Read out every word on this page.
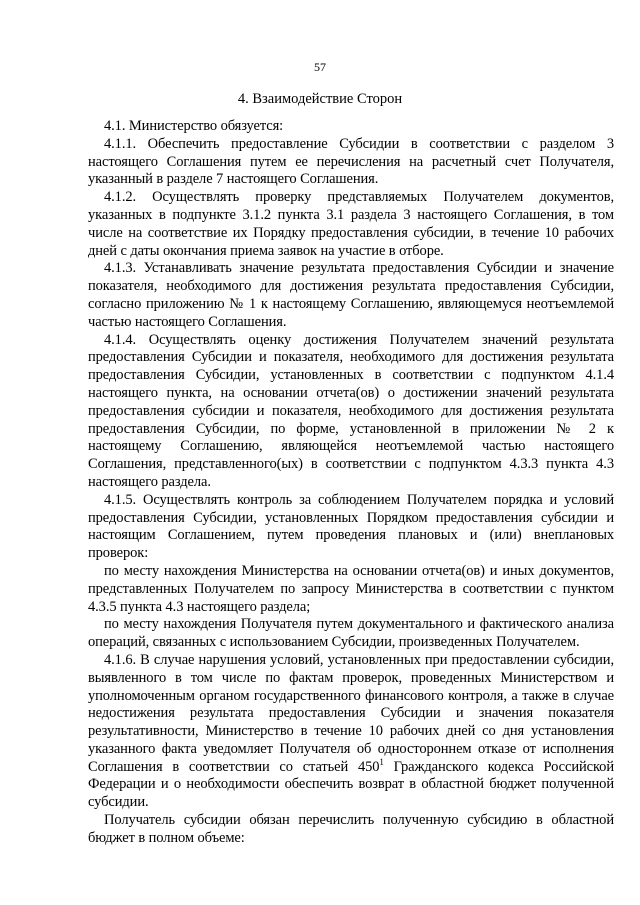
57
4. Взаимодействие Сторон

4.1. Министерство обязуется:

4.1.1. Обеспечить предоставление Субсидии в соответствии с разделом 3 настоящего Соглашения путем ее перечисления на расчетный счет Получателя, указанный в разделе 7 настоящего Соглашения.

4.1.2. Осуществлять проверку представляемых Получателем документов, указанных в подпункте 3.1.2 пункта 3.1 раздела 3 настоящего Соглашения, в том числе на соответствие их Порядку предоставления субсидии, в течение 10 рабочих дней с даты окончания приема заявок на участие в отборе.

4.1.3. Устанавливать значение результата предоставления Субсидии и значение показателя, необходимого для достижения результата предоставления Субсидии, согласно приложению № 1 к настоящему Соглашению, являющемуся неотъемлемой частью настоящего Соглашения.

4.1.4. Осуществлять оценку достижения Получателем значений результата предоставления Субсидии и показателя, необходимого для достижения результата предоставления Субсидии, установленных в соответствии с подпунктом 4.1.4 настоящего пункта, на основании отчета(ов) о достижении значений результата предоставления субсидии и показателя, необходимого для достижения результата предоставления Субсидии, по форме, установленной в приложении № 2 к настоящему Соглашению, являющейся неотъемлемой частью настоящего Соглашения, представленного(ых) в соответствии с подпунктом 4.3.3 пункта 4.3 настоящего раздела.

4.1.5. Осуществлять контроль за соблюдением Получателем порядка и условий предоставления Субсидии, установленных Порядком предоставления субсидии и настоящим Соглашением, путем проведения плановых и (или) внеплановых проверок:

по месту нахождения Министерства на основании отчета(ов) и иных документов, представленных Получателем по запросу Министерства в соответствии с пунктом 4.3.5 пункта 4.3 настоящего раздела;

по месту нахождения Получателя путем документального и фактического анализа операций, связанных с использованием Субсидии, произведенных Получателем.

4.1.6. В случае нарушения условий, установленных при предоставлении субсидии, выявленного в том числе по фактам проверок, проведенных Министерством и уполномоченным органом государственного финансового контроля, а также в случае недостижения результата предоставления Субсидии и значения показателя результативности, Министерство в течение 10 рабочих дней со дня установления указанного факта уведомляет Получателя об одностороннем отказе от исполнения Соглашения в соответствии со статьей $450^1$ Гражданского кодекса Российской Федерации и о необходимости обеспечить возврат в областной бюджет полученной субсидии.

Получатель субсидии обязан перечислить полученную субсидию в областной бюджет в полном объеме:
